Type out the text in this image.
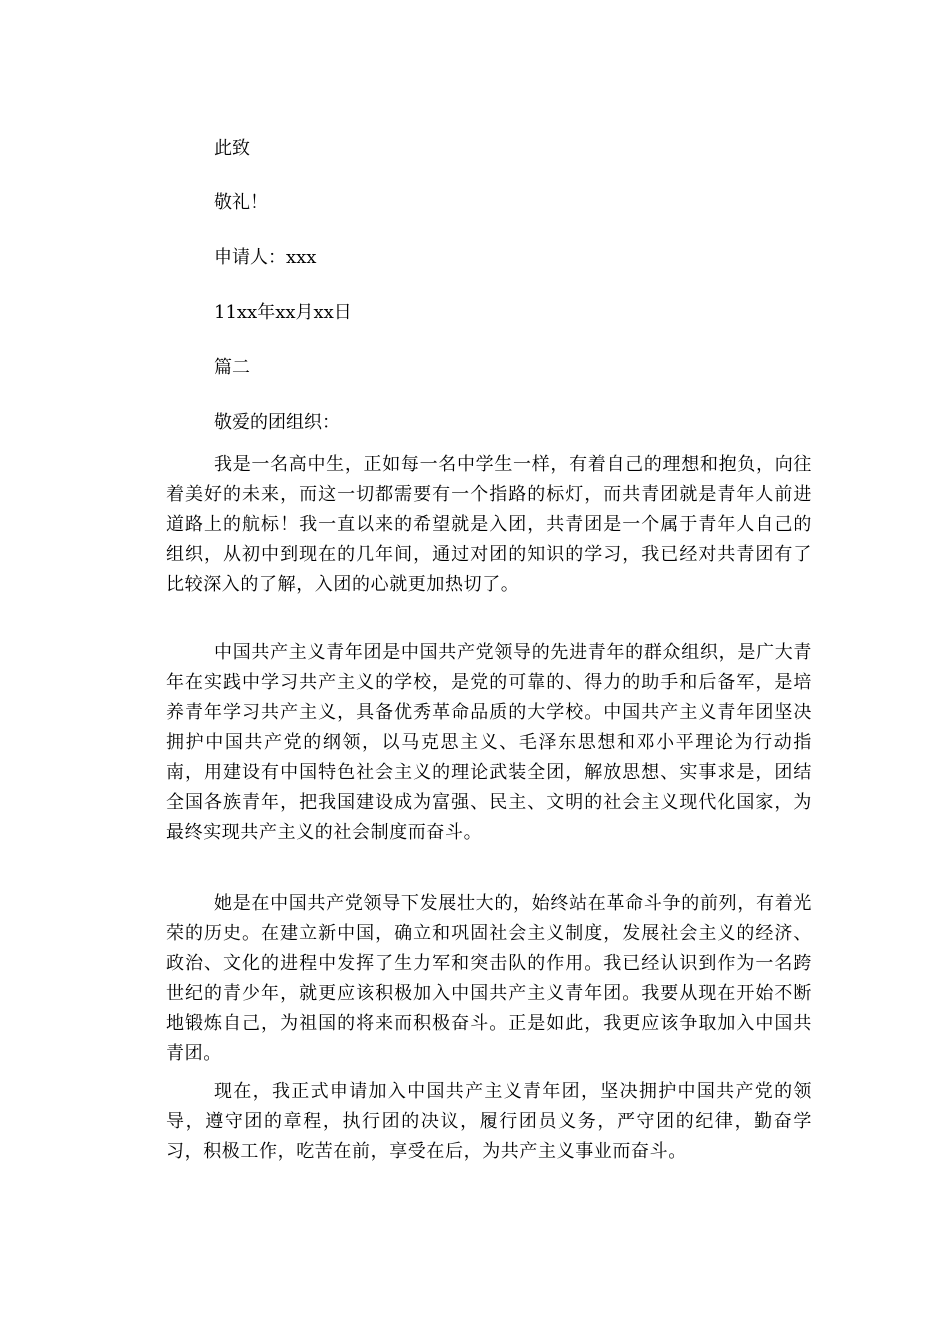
此致
敬礼！
申请人：xxx
11xx年xx月xx日
篇二
敬爱的团组织：

我是一名高中生，正如每一名中学生一样，有着自己的理想和抱负，向往着美好的未来，而这一切都需要有一个指路的标灯，而共青团就是青年人前进道路上的航标！我一直以来的希望就是入团，共青团是一个属于青年人自己的组织，从初中到现在的几年间，通过对团的知识的学习，我已经对共青团有了比较深入的了解，入团的心就更加热切了。

中国共产主义青年团是中国共产党领导的先进青年的群众组织，是广大青年在实践中学习共产主义的学校，是党的可靠的、得力的助手和后备军，是培养青年学习共产主义，具备优秀革命品质的大学校。中国共产主义青年团坚决拥护中国共产党的纲领，以马克思主义、毛泽东思想和邓小平理论为行动指南，用建设有中国特色社会主义的理论武装全团，解放思想、实事求是，团结全国各族青年，把我国建设成为富强、民主、文明的社会主义现代化国家，为最终实现共产主义的社会制度而奋斗。

她是在中国共产党领导下发展壮大的，始终站在革命斗争的前列，有着光荣的历史。在建立新中国，确立和巩固社会主义制度，发展社会主义的经济、政治、文化的进程中发挥了生力军和突击队的作用。我已经认识到作为一名跨世纪的青少年，就更应该积极加入中国共产主义青年团。我要从现在开始不断地锻炼自己，为祖国的将来而积极奋斗。正是如此，我更应该争取加入中国共青团。

现在，我正式申请加入中国共产主义青年团，坚决拥护中国共产党的领导，遵守团的章程，执行团的决议，履行团员义务，严守团的纪律，勤奋学习，积极工作，吃苦在前，享受在后，为共产主义事业而奋斗。
